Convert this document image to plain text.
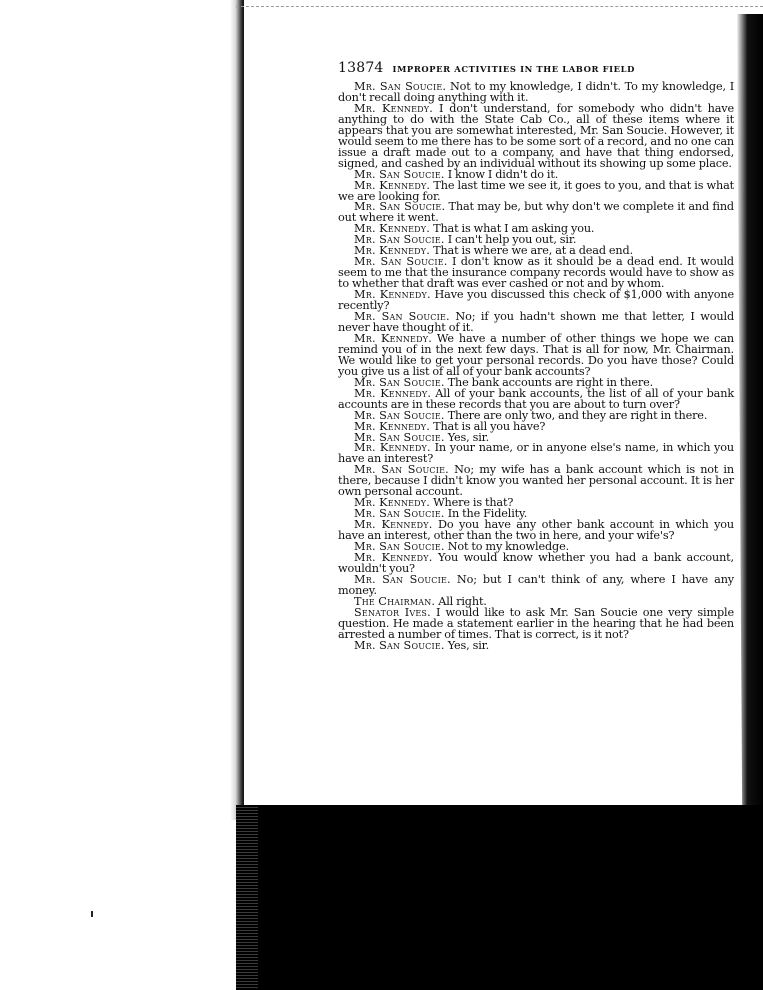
13874 IMPROPER ACTIVITIES IN THE LABOR FIELD

Mr. San Soucie. Not to my knowledge, I didn't. To my knowledge, I don't recall doing anything with it.

Mr. Kennedy. I don't understand, for somebody who didn't have anything to do with the State Cab Co., all of these items where it appears that you are somewhat interested, Mr. San Soucie. However, it would seem to me there has to be some sort of a record, and no one can issue a draft made out to a company, and have that thing endorsed, signed, and cashed by an individual without its showing up some place.

Mr. San Soucie. I know I didn't do it.

Mr. Kennedy. The last time we see it, it goes to you, and that is what we are looking for.

Mr. San Soucie. That may be, but why don't we complete it and find out where it went.

Mr. Kennedy. That is what I am asking you.

Mr. San Soucie. I can't help you out, sir.

Mr. Kennedy. That is where we are, at a dead end.

Mr. San Soucie. I don't know as it should be a dead end. It would seem to me that the insurance company records would have to show as to whether that draft was ever cashed or not and by whom.

Mr. Kennedy. Have you discussed this check of $1,000 with anyone recently?

Mr. San Soucie. No; if you hadn't shown me that letter, I would never have thought of it.

Mr. Kennedy. We have a number of other things we hope we can remind you of in the next few days. That is all for now, Mr. Chairman. We would like to get your personal records. Do you have those? Could you give us a list of all of your bank accounts?

Mr. San Soucie. The bank accounts are right in there.

Mr. Kennedy. All of your bank accounts, the list of all of your bank accounts are in these records that you are about to turn over?

Mr. San Soucie. There are only two, and they are right in there.

Mr. Kennedy. That is all you have?

Mr. San Soucie. Yes, sir.

Mr. Kennedy. In your name, or in anyone else's name, in which you have an interest?

Mr. San Soucie. No; my wife has a bank account which is not in there, because I didn't know you wanted her personal account. It is her own personal account.

Mr. Kennedy. Where is that?

Mr. San Soucie. In the Fidelity.

Mr. Kennedy. Do you have any other bank account in which you have an interest, other than the two in here, and your wife's?

Mr. San Soucie. Not to my knowledge.

Mr. Kennedy. You would know whether you had a bank account, wouldn't you?

Mr. San Soucie. No; but I can't think of any, where I have any money.

The Chairman. All right.

Senator Ives. I would like to ask Mr. San Soucie one very simple question. He made a statement earlier in the hearing that he had been arrested a number of times. That is correct, is it not?

Mr. San Soucie. Yes, sir.
